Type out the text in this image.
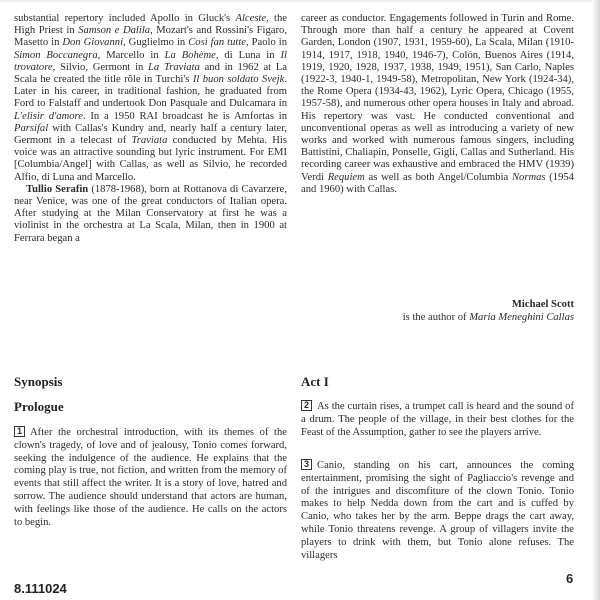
substantial repertory included Apollo in Gluck's Alceste, the High Priest in Samson e Dalila, Mozart's and Rossini's Figaro, Masetto in Don Giovanni, Guglielmo in Così fan tutte, Paolo in Simon Boccanegra, Marcello in La Bohème, di Luna in Il trovatore, Silvio, Germont in La Traviata and in 1962 at La Scala he created the title rôle in Turchi's Il buon soldato Svejk. Later in his career, in traditional fashion, he graduated from Ford to Falstaff and undertook Don Pasquale and Dulcamara in L'elisir d'amore. In a 1950 RAI broadcast he is Amfortas in Parsifal with Callas's Kundry and, nearly half a century later, Germont in a telecast of Traviata conducted by Mehta. His voice was an attractive sounding but lyric instrument. For EMI [Columbia/Angel] with Callas, as well as Silvio, he recorded Alfio, di Luna and Marcello.

Tullio Serafin (1878-1968), born at Rottanova di Cavarzere, near Venice, was one of the great conductors of Italian opera. After studying at the Milan Conservatory at first he was a violinist in the orchestra at La Scala, Milan, then in 1900 at Ferrara began a

career as conductor. Engagements followed in Turin and Rome. Through more than half a century he appeared at Covent Garden, London (1907, 1931, 1959-60), La Scala, Milan (1910-1914, 1917, 1918, 1940, 1946-7), Colón, Buenos Aires (1914, 1919, 1920, 1928, 1937, 1938, 1949, 1951), San Carlo, Naples (1922-3, 1940-1, 1949-58), Metropolitan, New York (1924-34), the Rome Opera (1934-43, 1962), Lyric Opera, Chicago (1955, 1957-58), and numerous other opera houses in Italy and abroad. His repertory was vast. He conducted conventional and unconventional operas as well as introducing a variety of new works and worked with numerous famous singers, including Battistini, Chaliapin, Ponselle, Gigli, Callas and Sutherland. His recording career was exhaustive and embraced the HMV (1939) Verdi Requiem as well as both Angel/Columbia Normas (1954 and 1960) with Callas.

Michael Scott
is the author of Maria Meneghini Callas
Synopsis
Prologue
Act I
1 After the orchestral introduction, with its themes of the clown's tragedy, of love and of jealousy, Tonio comes forward, seeking the indulgence of the audience. He explains that the coming play is true, not fiction, and written from the memory of events that still affect the writer. It is a story of love, hatred and sorrow. The audience should understand that actors are human, with feelings like those of the audience. He calls on the actors to begin.
2 As the curtain rises, a trumpet call is heard and the sound of a drum. The people of the village, in their best clothes for the Feast of the Assumption, gather to see the players arrive.
3 Canio, standing on his cart, announces the coming entertainment, promising the sight of Pagliaccio's revenge and of the intrigues and discomfiture of the clown Tonio. Tonio makes to help Nedda down from the cart and is cuffed by Canio, who takes her by the arm. Beppe drags the cart away, while Tonio threatens revenge. A group of villagers invite the players to drink with them, but Tonio alone refuses. The villagers
8.111024
6
